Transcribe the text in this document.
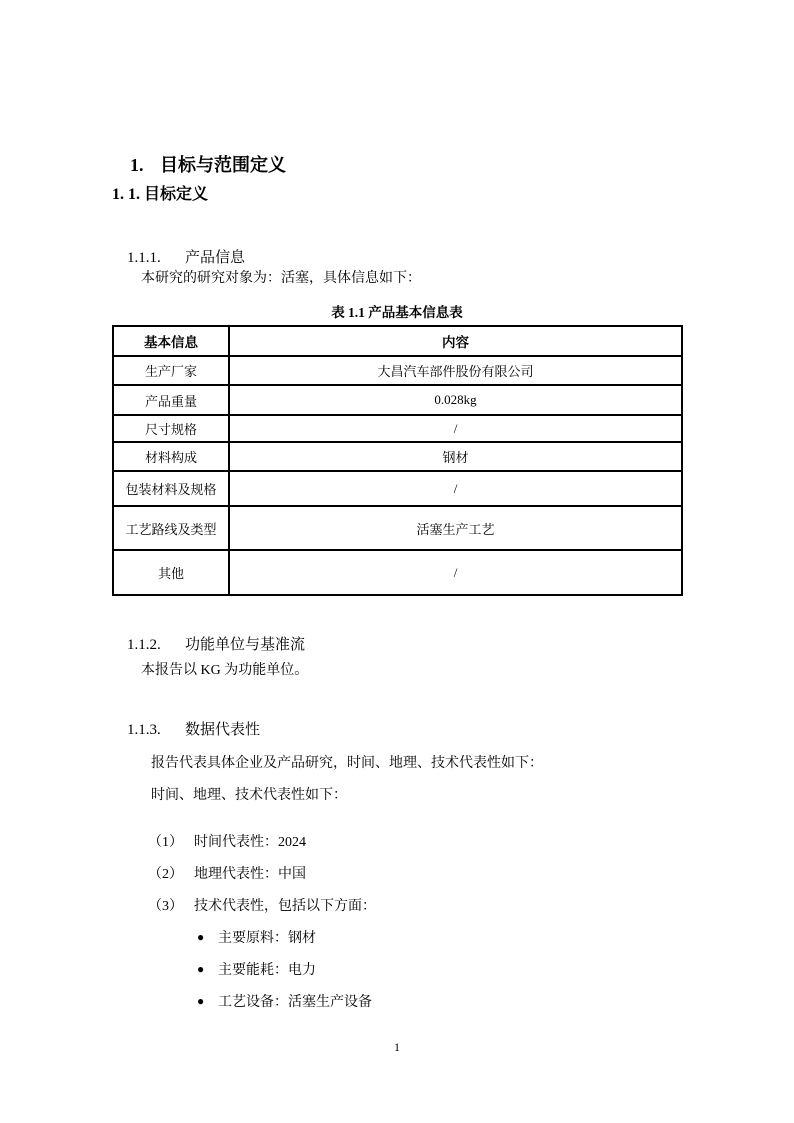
1. 目标与范围定义

1. 1. 目标定义

1.1.1. 产品信息

本研究的研究对象为：活塞，具体信息如下：
表 1.1 产品基本信息表
基本信息	内容
生产厂家	大昌汽车部件股份有限公司
产品重量	0.028kg
尺寸规格	/
材料构成	钢材
包装材料及规格	/
工艺路线及类型	活塞生产工艺
其他	/

1.1.2. 功能单位与基准流

本报告以 KG 为功能单位。

1.1.3. 数据代表性

报告代表具体企业及产品研究，时间、地理、技术代表性如下：
时间、地理、技术代表性如下：

（1） 时间代表性：2024

（2） 地理代表性：中国

（3） 技术代表性，包括以下方面：

● 主要原料：钢材

● 主要能耗：电力

● 工艺设备：活塞生产设备

1
